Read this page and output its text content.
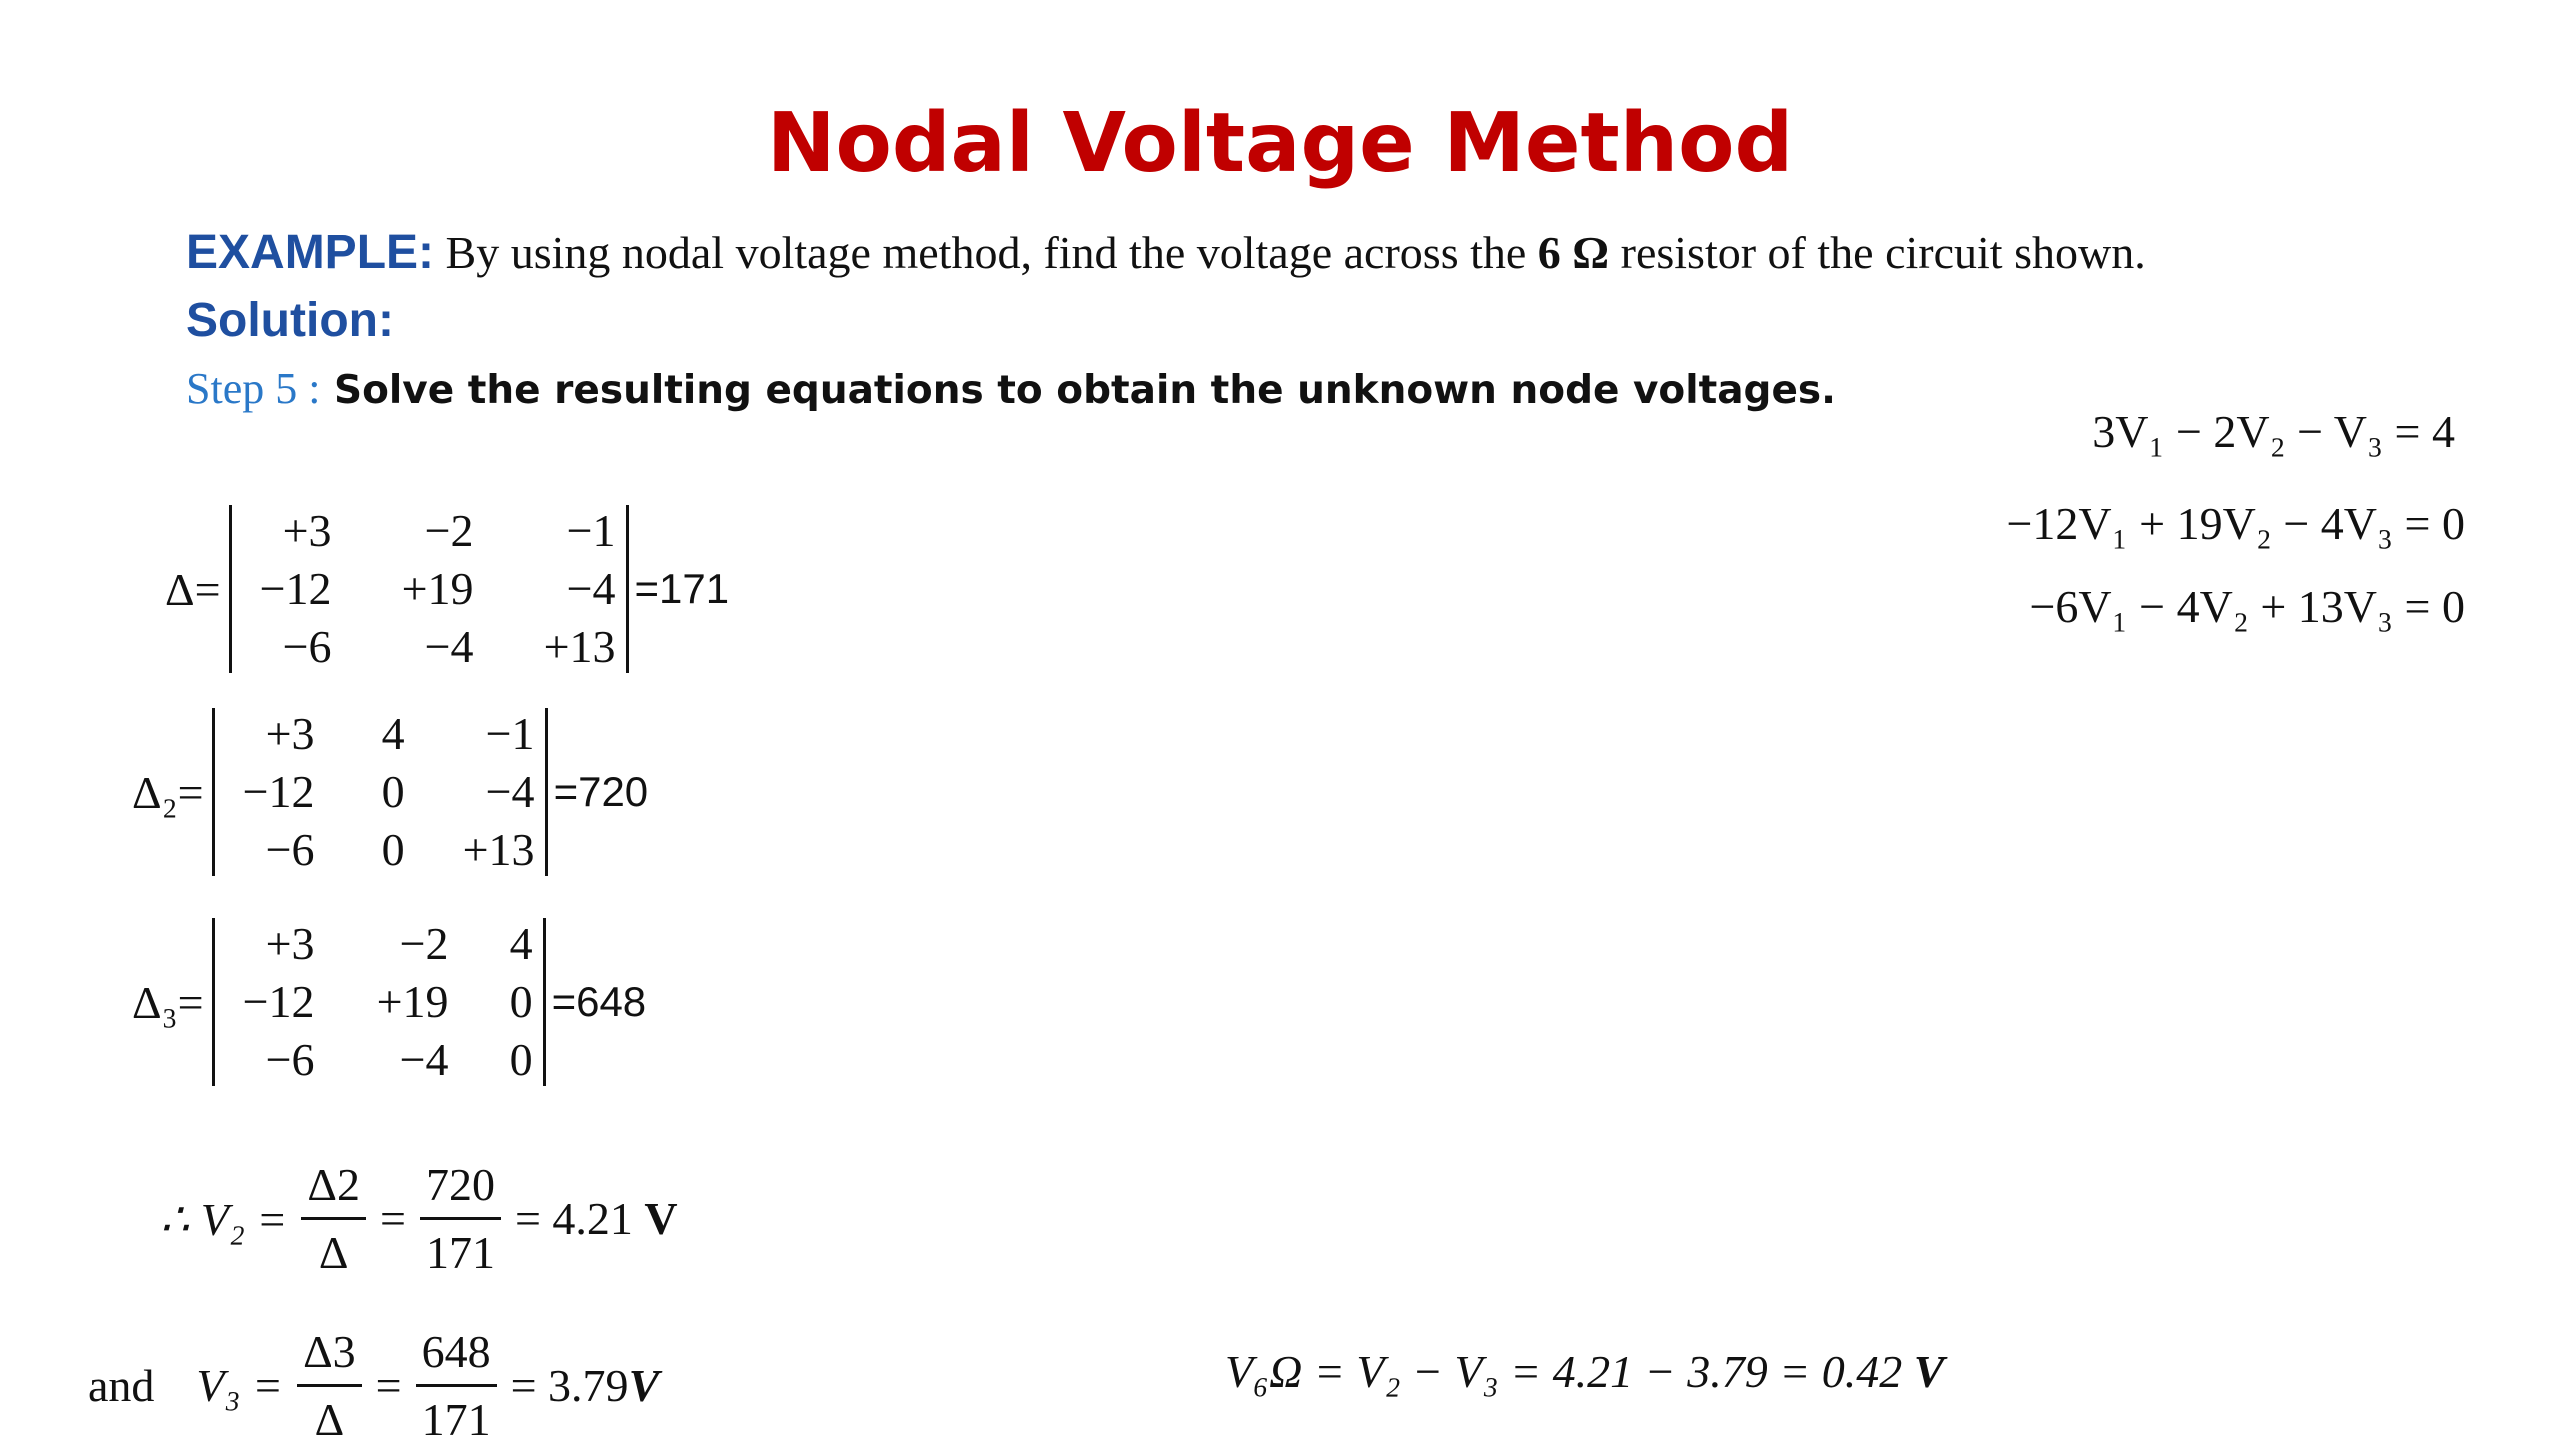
Nodal Voltage Method
EXAMPLE: By using nodal voltage method, find the voltage across the 6 Ω resistor of the circuit shown.
Solution:
Step 5 : Solve the resulting equations to obtain the unknown node voltages.
3V₁ − 2V₂ − V₃ = 4
−12V₁ + 19V₂ − 4V₃ = 0
−6V₁ − 4V₂ + 13V₃ = 0
Δ=
+3	−2	−1
−12	+19	−4
−6	−4	+13
=171
Δ₂=
+3	4	−1
−12	0	−4
−6	0	+13
=720
Δ₃=
+3	−2	4
−12	+19	0
−6	−4	0
=648
∴ $V_2 = \frac{\Delta 2}{\Delta} = \frac{720}{171} = 4.21$
V
and $V_3 = \frac{\Delta 3}{\Delta} = \frac{648}{171} = 3.79$ V	V₆Ω = V₂ − V₃ = 4.21 − 3.79 = 0.42
V
